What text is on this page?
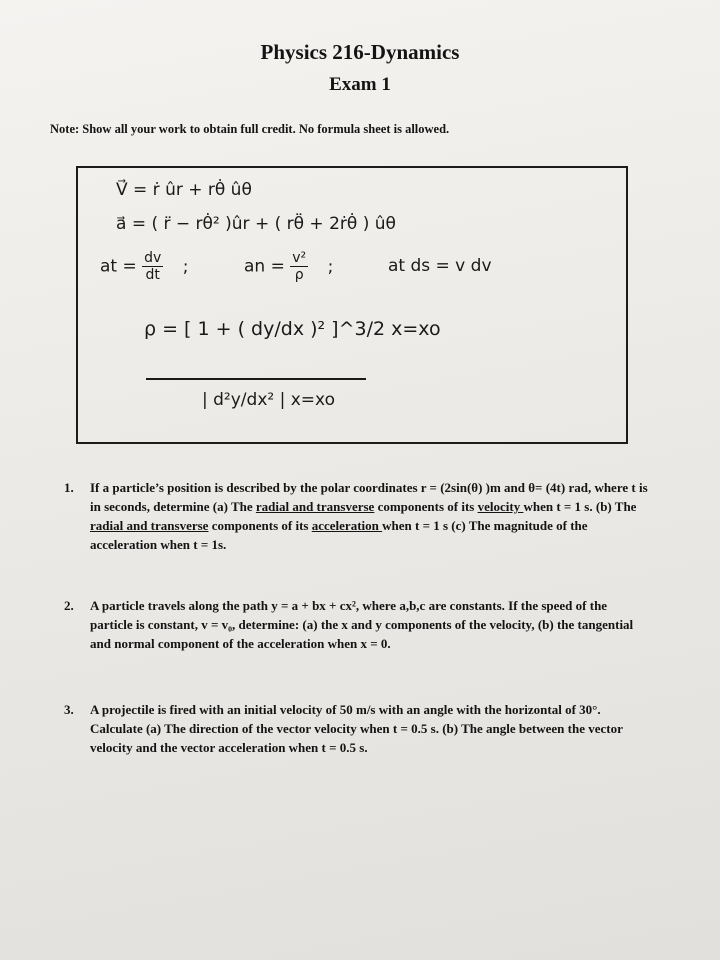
Physics 216-Dynamics
Exam 1
Note: Show all your work to obtain full credit. No formula sheet is allowed.
V⃗ = ṙ ûr + rθ̇ ûθ
a⃗ = ( r̈ − rθ̇² )ûr + ( rθ̈ + 2ṙθ̇ ) ûθ
at = $\frac{dv}{dt}$ ;	an = $\frac{\text{v²}}{\rho}$ ;	at ds = v dv
ρ = [ 1 + ( dy/dx )² ]^3/2 x=xo
| d²y/dx² | x=xo
1. If a particle’s position is described by the polar coordinates r = (2sin(θ) )m and θ= (4t) rad, where t is in seconds, determine (a) The radial and transverse components of its velocity when t = 1 s. (b) The radial and transverse components of its acceleration when t = 1 s (c) The magnitude of the acceleration when t = 1s.
2. A particle travels along the path y = a + bx + cx², where a,b,c are constants. If the speed of the particle is constant, v = v₀, determine: (a) the x and y components of the velocity, (b) the tangential and normal component of the acceleration when x = 0.
3. A projectile is fired with an initial velocity of 50 m/s with an angle with the horizontal of 30°. Calculate (a) The direction of the vector velocity when t = 0.5 s. (b) The angle between the vector velocity and the vector acceleration when t = 0.5 s.
